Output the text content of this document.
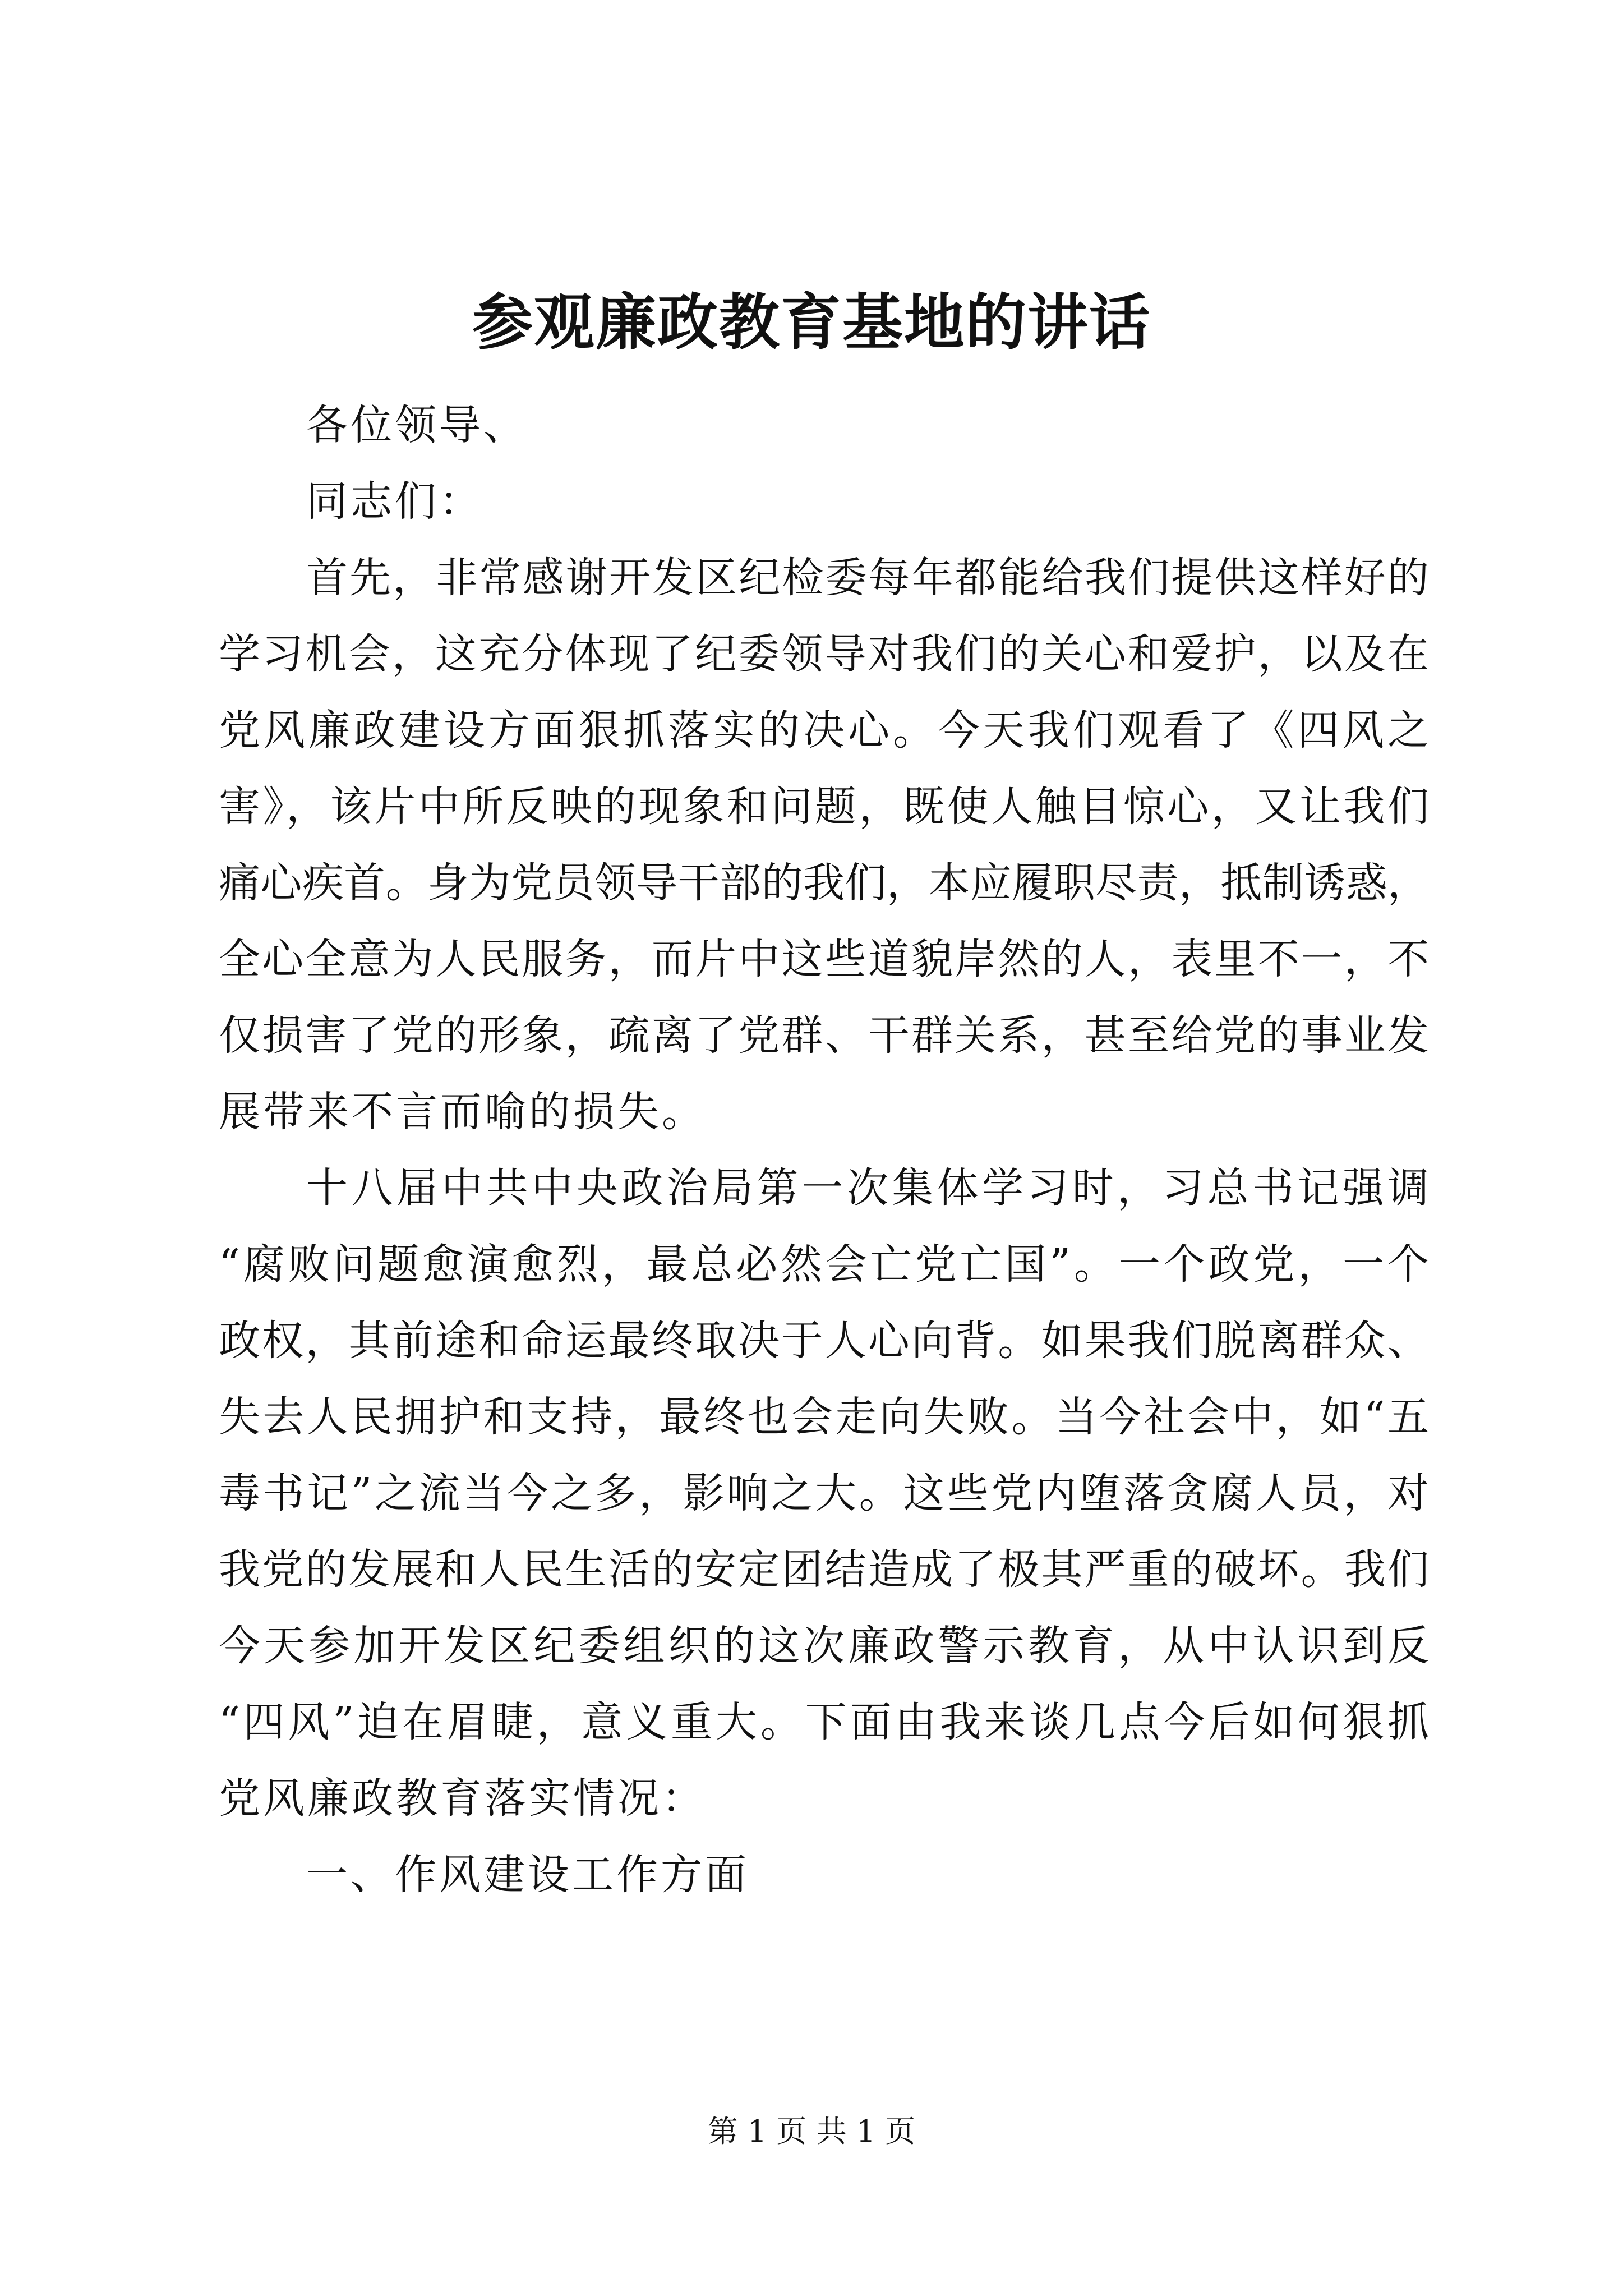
参观廉政教育基地的讲话
各位领导、
同志们：
首先，非常感谢开发区纪检委每年都能给我们提供这样好的
学习机会，这充分体现了纪委领导对我们的关心和爱护，以及在
党风廉政建设方面狠抓落实的决心。今天我们观看了《四风之
害》，该片中所反映的现象和问题，既使人触目惊心，又让我们
痛心疾首。身为党员领导干部的我们，本应履职尽责，抵制诱惑，
全心全意为人民服务，而片中这些道貌岸然的人，表里不一，不
仅损害了党的形象，疏离了党群、干群关系，甚至给党的事业发
展带来不言而喻的损失。
十八届中共中央政治局第一次集体学习时，习总书记强调
“腐败问题愈演愈烈，最总必然会亡党亡国”。一个政党，一个
政权，其前途和命运最终取决于人心向背。如果我们脱离群众、
失去人民拥护和支持，最终也会走向失败。当今社会中，如“五
毒书记”之流当今之多，影响之大。这些党内堕落贪腐人员，对
我党的发展和人民生活的安定团结造成了极其严重的破坏。我们
今天参加开发区纪委组织的这次廉政警示教育，从中认识到反
“四风”迫在眉睫，意义重大。下面由我来谈几点今后如何狠抓
党风廉政教育落实情况：
一、作风建设工作方面
第 1 页 共 1 页
